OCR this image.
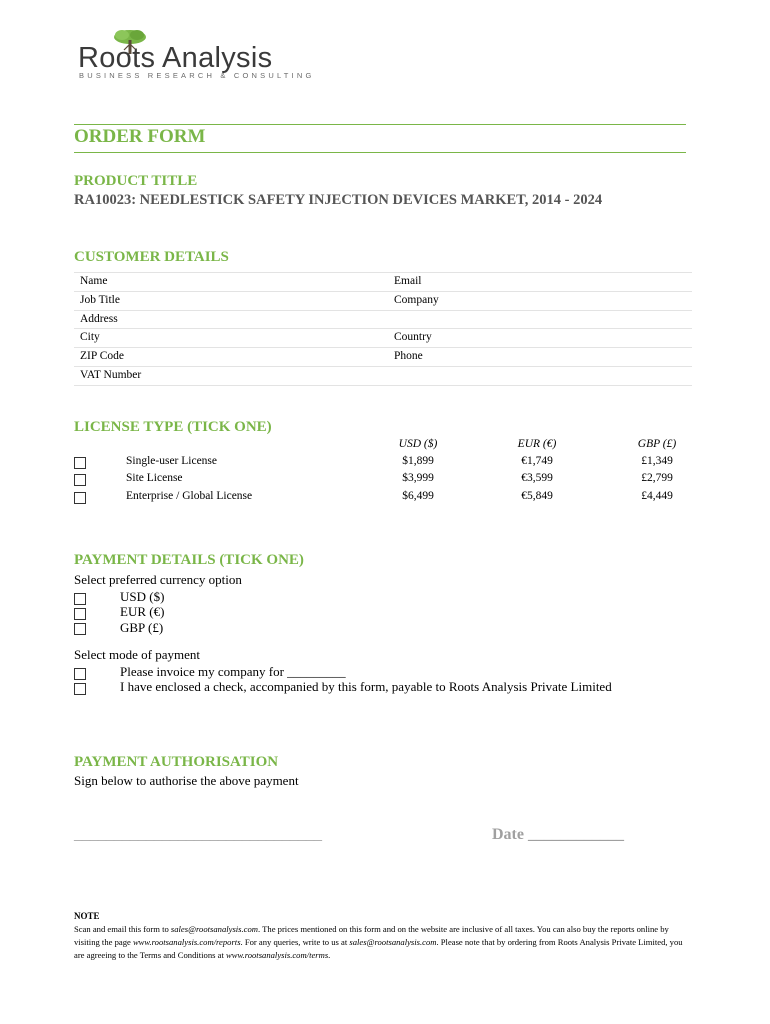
Roots Analysis
BUSINESS RESEARCH & CONSULTING
ORDER FORM
PRODUCT TITLE
RA10023: NEEDLESTICK SAFETY INJECTION DEVICES MARKET, 2014 - 2024
CUSTOMER DETAILS
Name	Email
Job Title	Company
Address
City	Country
ZIP Code	Phone
VAT Number
LICENSE TYPE (TICK ONE)
USD ($)	EUR (€)	GBP (£)
Single-user License	$1,899	€1,749	£1,349
Site License	$3,999	€3,599	£2,799
Enterprise / Global License	$6,499	€5,849	£4,449
PAYMENT DETAILS (TICK ONE)
Select preferred currency option
USD ($)
EUR (€)
GBP (£)
Select mode of payment
Please invoice my company for _________
I have enclosed a check, accompanied by this form, payable to Roots Analysis Private Limited
PAYMENT AUTHORISATION
Sign below to authorise the above payment
_______________________________	Date ____________
NOTE
Scan and email this form to sales@rootsanalysis.com. The prices mentioned on this form and on the website are inclusive of all taxes. You can also buy the reports online by visiting the page www.rootsanalysis.com/reports. For any queries, write to us at sales@rootsanalysis.com. Please note that by ordering from Roots Analysis Private Limited, you are agreeing to the Terms and Conditions at www.rootsanalysis.com/terms.
